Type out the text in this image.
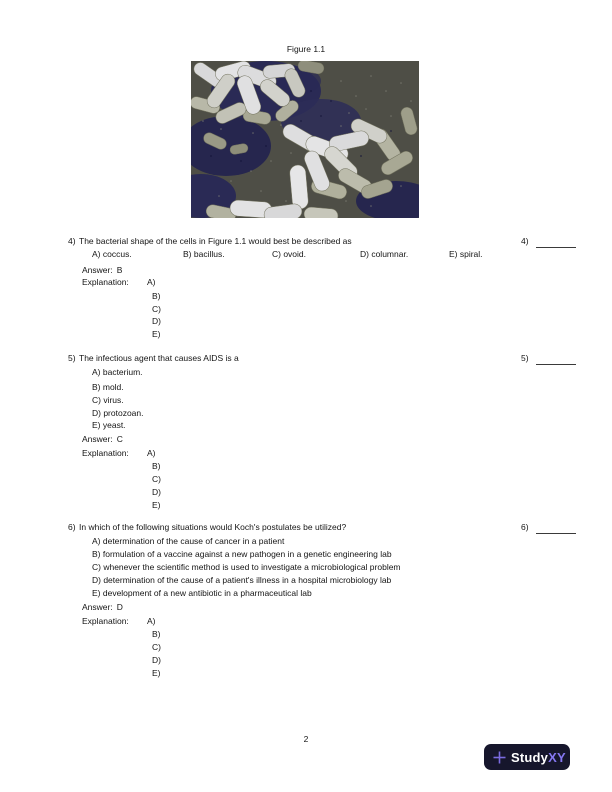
Figure 1.1
4) The bacterial shape of the cells in Figure 1.1 would best be described as	4)
A) coccus.	B) bacillus.	C) ovoid.	D) columnar.	E) spiral.
Answer: B
Explanation: A)
B)
C)
D)
E)
5) The infectious agent that causes AIDS is a	5)
A) bacterium.
B) mold.
C) virus.
D) protozoan.
E) yeast.
Answer: C
Explanation: A)
B)
C)
D)
E)
6) In which of the following situations would Koch's postulates be utilized?	6)
A) determination of the cause of cancer in a patient
B) formulation of a vaccine against a new pathogen in a genetic engineering lab
C) whenever the scientific method is used to investigate a microbiological problem
D) determination of the cause of a patient's illness in a hospital microbiology lab
E) development of a new antibiotic in a pharmaceutical lab
Answer: D
Explanation: A)
B)
C)
D)
E)
2
StudyXY
